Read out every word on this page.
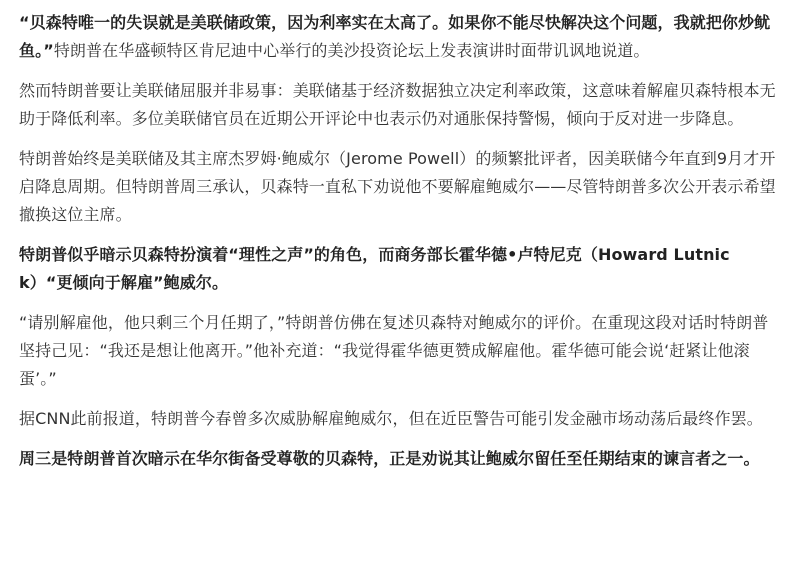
“贝森特唯一的失误就是美联储政策，因为利率实在太高了。如果你不能尽快解决这个问题，我就把你炒鱿鱼。”特朗普在华盛顿特区肯尼迪中心举行的美沙投资论坛上发表演讲时面带讥讽地说道。

然而特朗普要让美联储屈服并非易事：美联储基于经济数据独立决定利率政策，这意味着解雇贝森特根本无助于降低利率。多位美联储官员在近期公开评论中也表示仍对通胀保持警惕，倾向于反对进一步降息。

特朗普始终是美联储及其主席杰罗姆·鲍威尔（Jerome Powell）的频繁批评者，因美联储今年直到9月才开启降息周期。但特朗普周三承认，贝森特一直私下劝说他不要解雇鲍威尔——尽管特朗普多次公开表示希望撤换这位主席。

特朗普似乎暗示贝森特扮演着“理性之声”的角色，而商务部长霍华德•卢特尼克（Howard Lutnick）“更倾向于解雇”鲍威尔。

“请别解雇他，他只剩三个月任期了，”特朗普仿佛在复述贝森特对鲍威尔的评价。在重现这段对话时特朗普坚持己见：“我还是想让他离开。”他补充道：“我觉得霍华德更赞成解雇他。霍华德可能会说‘赶紧让他滚蛋’。”

据CNN此前报道，特朗普今春曾多次威胁解雇鲍威尔，但在近臣警告可能引发金融市场动荡后最终作罢。

周三是特朗普首次暗示在华尔街备受尊敬的贝森特，正是劝说其让鲍威尔留任至任期结束的谏言者之一。
